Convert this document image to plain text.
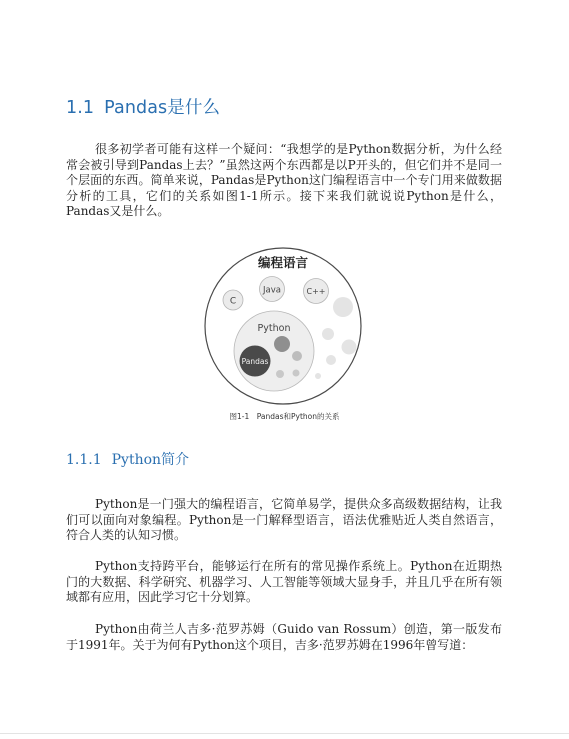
1.1 Pandas是什么

很多初学者可能有这样一个疑问：“我想学的是Python数据分析，为什么经常会被引导到Pandas上去？”虽然这两个东西都是以P开头的，但它们并不是同一个层面的东西。简单来说，Pandas是Python这门编程语言中一个专门用来做数据分析的工具，它们的关系如图1-1所示。接下来我们就说说Python是什么，Pandas又是什么。

编程语言
Java	C++
C
Python
Pandas
图1-1　Pandas和Python的关系
1.1.1 Python简介

Python是一门强大的编程语言，它简单易学，提供众多高级数据结构，让我们可以面向对象编程。Python是一门解释型语言，语法优雅贴近人类自然语言，符合人类的认知习惯。

Python支持跨平台，能够运行在所有的常见操作系统上。Python在近期热门的大数据、科学研究、机器学习、人工智能等领域大显身手，并且几乎在所有领域都有应用，因此学习它十分划算。

Python由荷兰人吉多·范罗苏姆（Guido van Rossum）创造，第一版发布于1991年。关于为何有Python这个项目，吉多·范罗苏姆在1996年曾写道：
